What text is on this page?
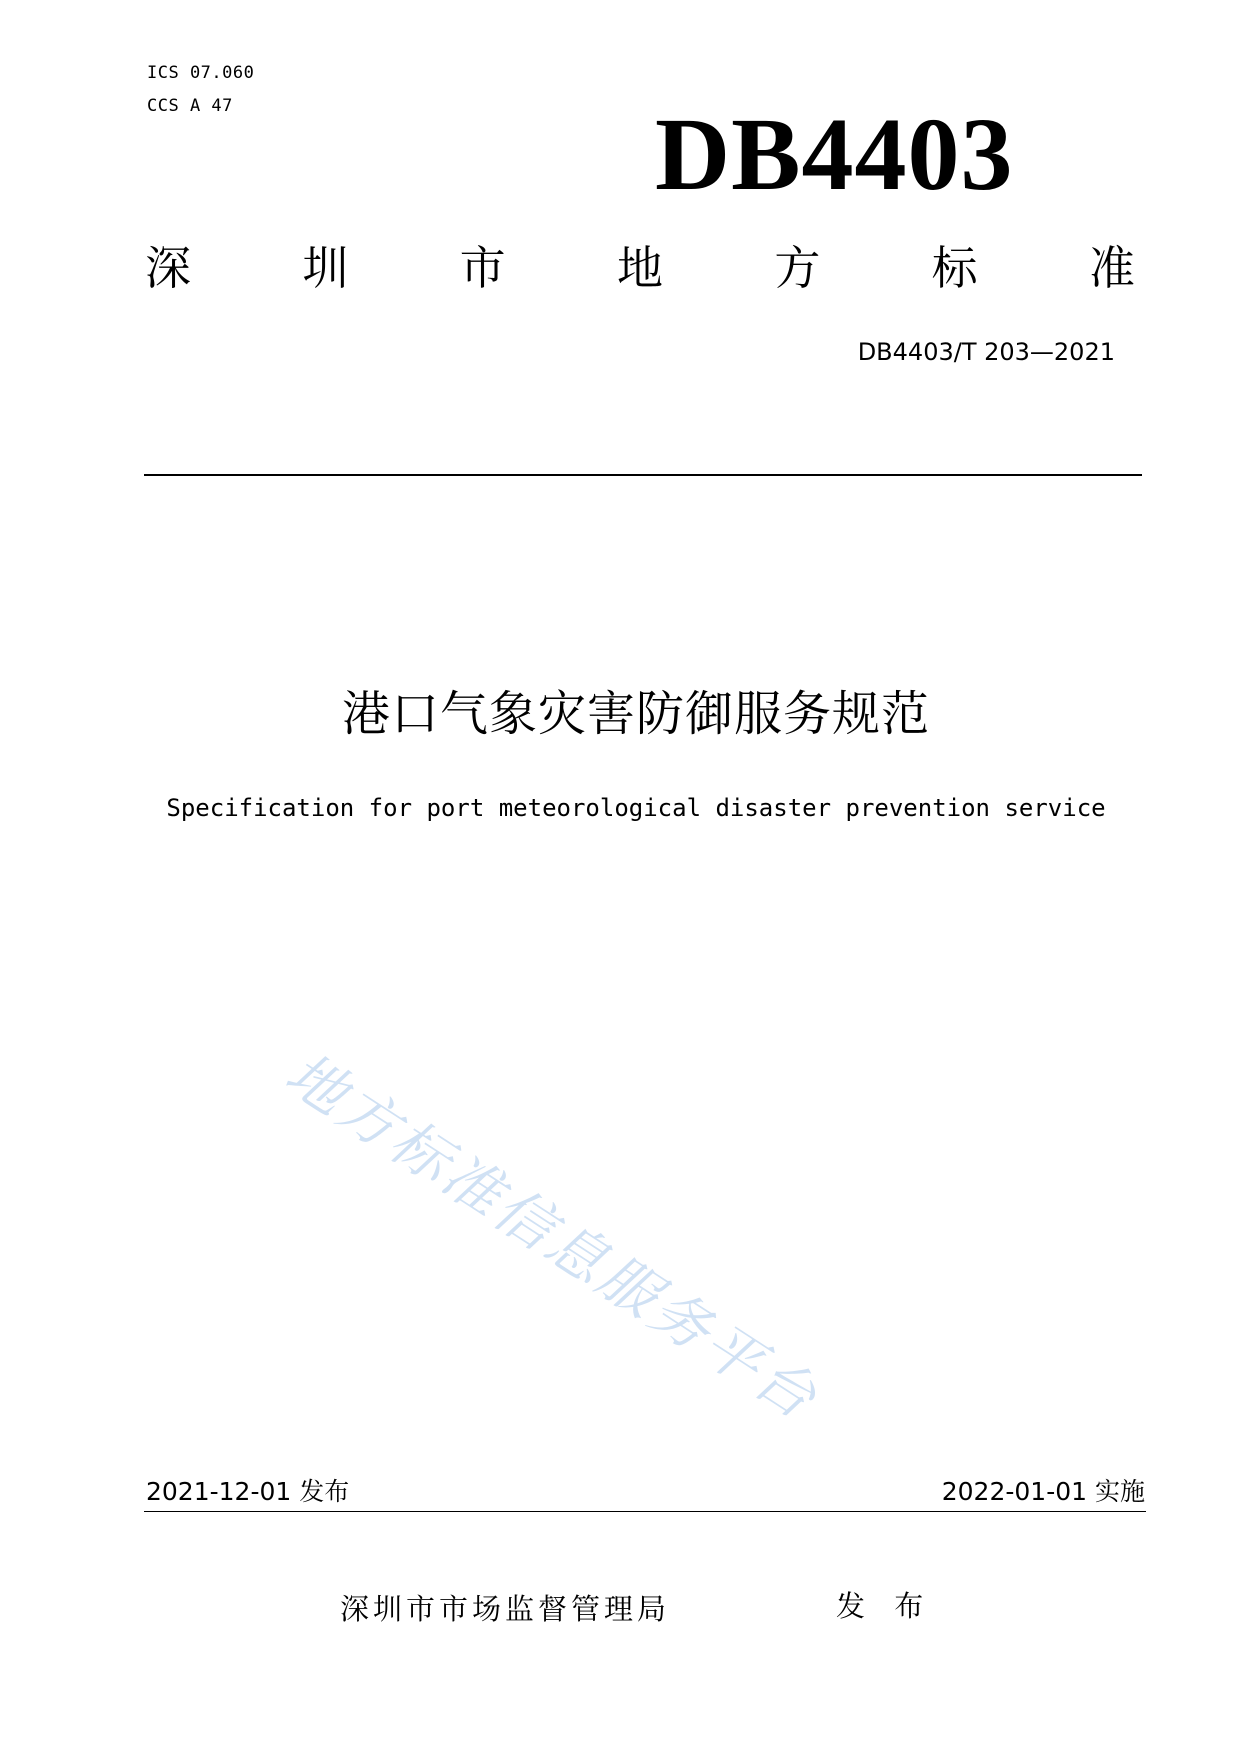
ICS 07.060
CCS A 47	DB4403
深 圳 市 地 方 标 准
DB4403/T 203—2021
港口气象灾害防御服务规范
Specification for port meteorological disaster prevention service
地方标准信息服务平台
2021-12-01 发布	2022-01-01 实施
深圳市市场监督管理局	发 布
